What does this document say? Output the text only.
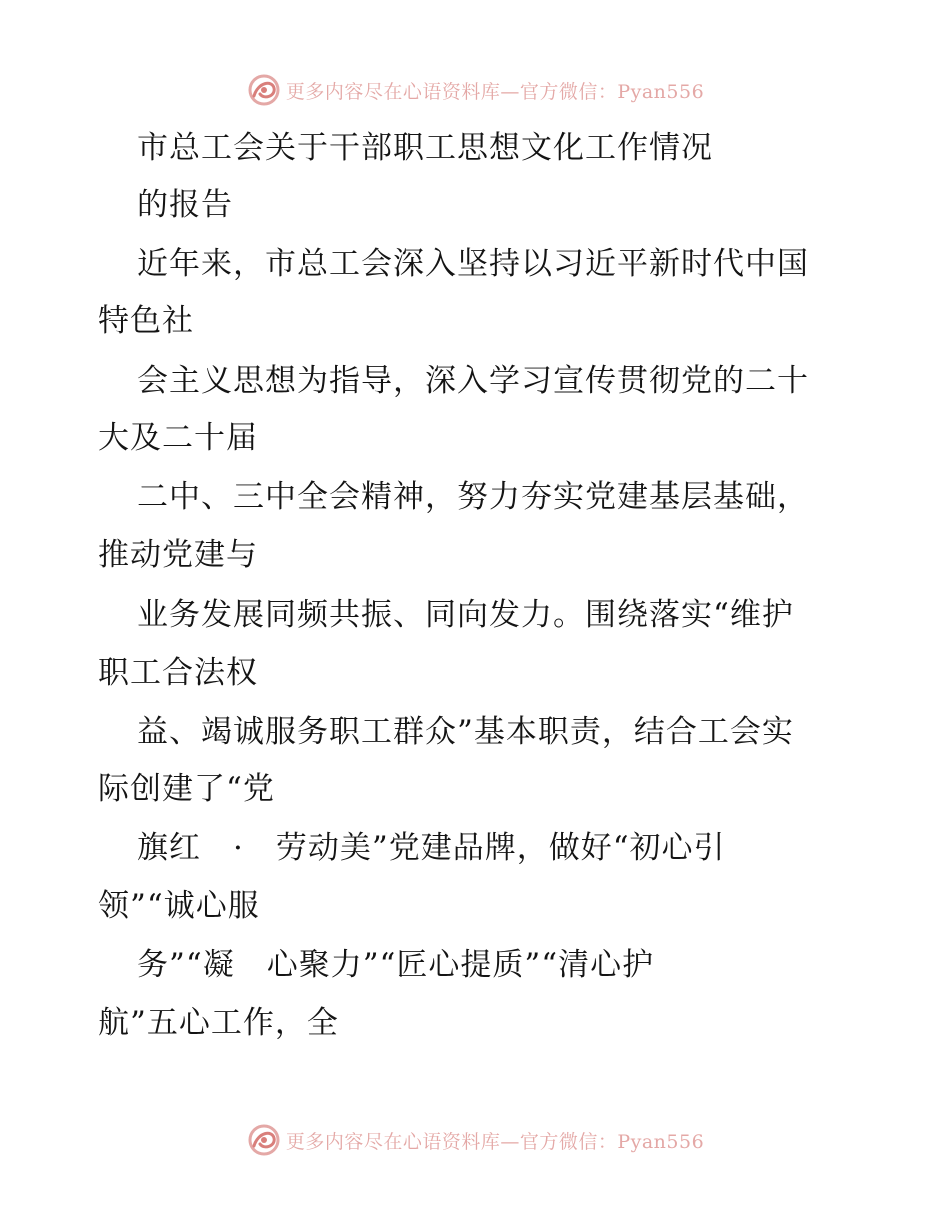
更多内容尽在心语资料库—官方微信：Pyan556
市总工会关于干部职工思想文化工作情况
的报告
近年来，市总工会深入坚持以习近平新时代中国
特色社
会主义思想为指导，深入学习宣传贯彻党的二十
大及二十届
二中、三中全会精神，努力夯实党建基层基础，
推动党建与
业务发展同频共振、同向发力。围绕落实“维护
职工合法权
益、竭诚服务职工群众”基本职责，结合工会实
际创建了“党
旗红　·　劳动美”党建品牌，做好“初心引
领”“诚心服
务”“凝　心聚力”“匠心提质”“清心护
航”五心工作，全
更多内容尽在心语资料库—官方微信：Pyan556
